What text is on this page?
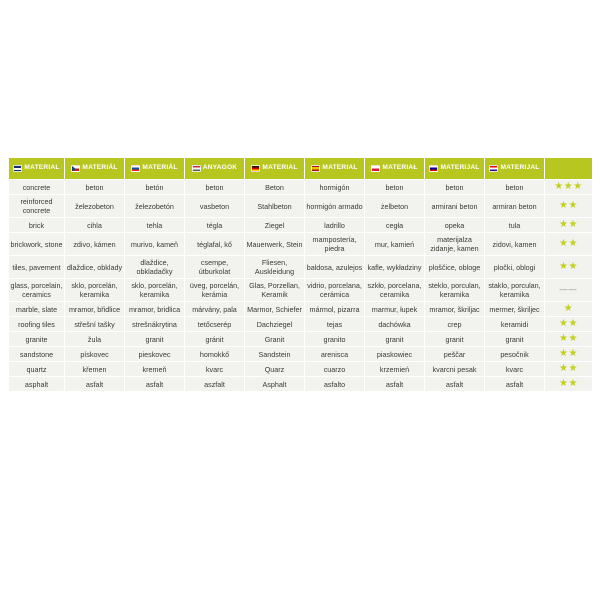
MATERIAL	MATERIÁL	MATERIÁL	ANYAGOK	MATERIAL	MATERIAL	MATERIAŁ	MATERIJAL	MATERIJAL	

concrete	beton	betón	beton	Beton	hormigón	beton	beton	beton	★★★
reinforced concrete	železobeton	železobetón	vasbeton	Stahlbeton	hormigón armado	żelbeton	armirani beton	armiran beton	★★
brick	cihla	tehla	tégla	Ziegel	ladrillo	cegła	opeka	tula	★★
brickwork, stone	zdivo, kámen	murivo, kameň	téglafal, kő	Mauerwerk, Stein	mampostería, piedra	mur, kamień	materijalza zidanje, kamen	zidovi, kamen	★★
tiles, pavement	dlaždice, obklady	dlaždice, obkladačky	csempe, útburkolat	Fliesen, Auskleidung	baldosa, azulejos	kafle, wykładziny	ploščice, obloge	pločki, oblogi	★★
glass, porcelain, ceramics	sklo, porcelán, keramika	sklo, porcelán, keramika	üveg, porcelán, kerámia	Glas, Porzellan, Keramik	vidrio, porcelana, cerámica	szkło, porcelana, ceramika	steklo, porculan, keramika	staklo, porculan, keramika	——
marble, slate	mramor, břidlice	mramor, bridlica	márvány, pala	Marmor, Schiefer	mármol, pizarra	marmur, łupek	mramor, škriljac	mermer, škriljec	★
roofing tiles	střešní tašky	strešnákrytina	tetőcserép	Dachziegel	tejas	dachówka	crep	keramidi	★★
granite	žula	granit	gránit	Granit	granito	granit	granit	granit	★★
sandstone	pískovec	pieskovec	homokkő	Sandstein	arenisca	piaskowiec	peščar	pesočnik	★★
quartz	křemen	kremeň	kvarc	Quarz	cuarzo	krzemień	kvarcni pesak	kvarc	★★
asphalt	asfalt	asfalt	aszfalt	Asphalt	asfalto	asfalt	asfalt	asfalt	★★
